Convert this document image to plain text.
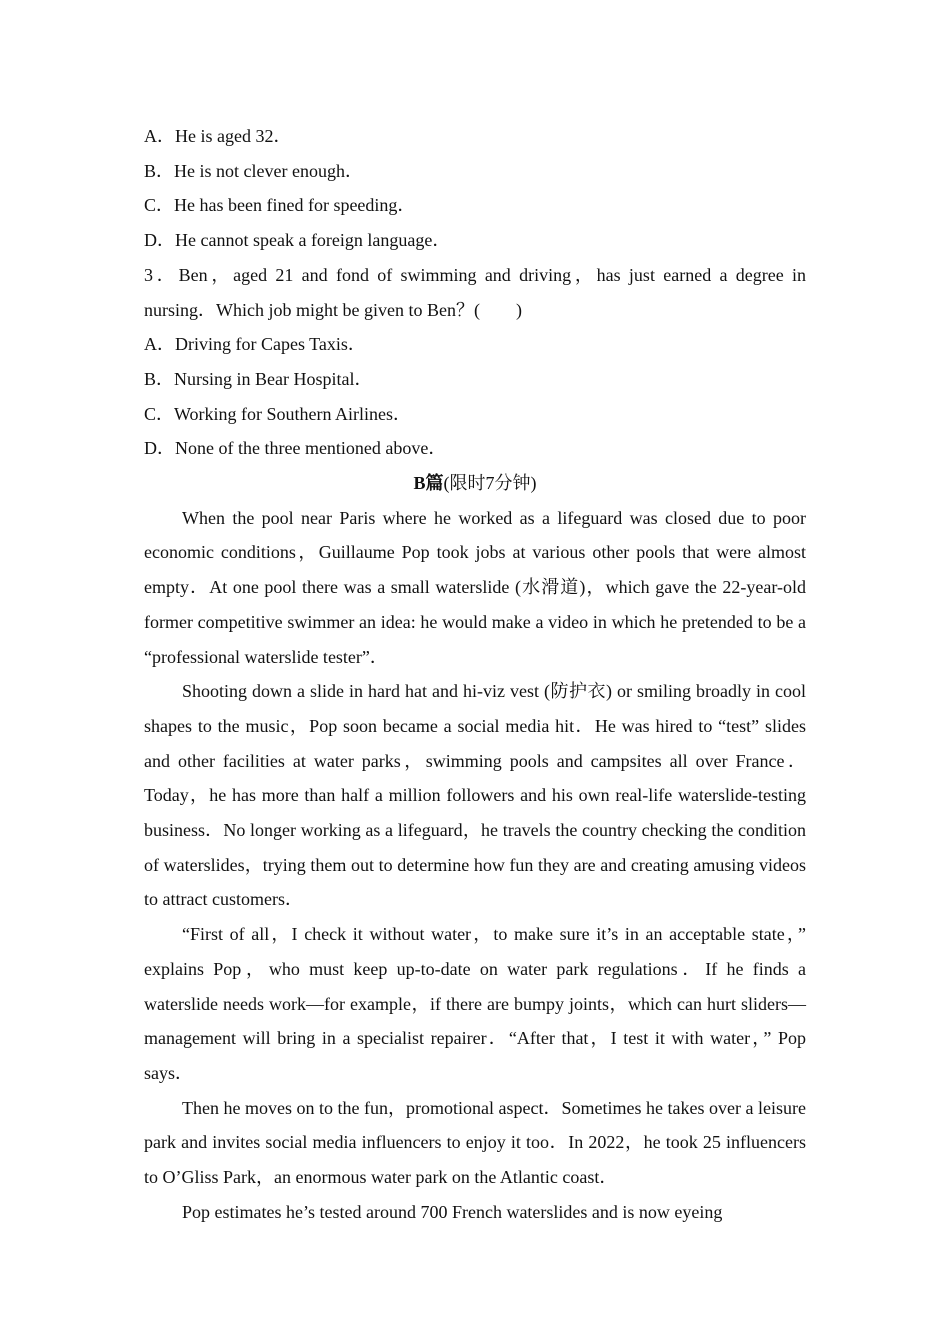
A．He is aged 32．

B．He is not clever enough．

C．He has been fined for speeding．

D．He cannot speak a foreign language．

3．Ben，aged 21 and fond of swimming and driving，has just earned a degree in nursing．Which job might be given to Ben？(　　)

A．Driving for Capes Taxis．

B．Nursing in Bear Hospital．

C．Working for Southern Airlines．

D．None of the three mentioned above．

B篇(限时7分钟)

When the pool near Paris where he worked as a lifeguard was closed due to poor economic conditions，Guillaume Pop took jobs at various other pools that were almost empty．At one pool there was a small waterslide (水滑道)，which gave the 22-year-old former competitive swimmer an idea: he would make a video in which he pretended to be a “professional waterslide tester”．

Shooting down a slide in hard hat and hi-viz vest (防护衣) or smiling broadly in cool shapes to the music，Pop soon became a social media hit．He was hired to “test” slides and other facilities at water parks，swimming pools and campsites all over France．Today，he has more than half a million followers and his own real-life waterslide-testing business．No longer working as a lifeguard，he travels the country checking the condition of waterslides，trying them out to determine how fun they are and creating amusing videos to attract customers．

“First of all，I check it without water，to make sure it’s in an acceptable state，” explains Pop，who must keep up-to-date on water park regulations．If he finds a waterslide needs work—for example，if there are bumpy joints，which can hurt sliders—management will bring in a specialist repairer．“After that，I test it with water，” Pop says．

Then he moves on to the fun，promotional aspect．Sometimes he takes over a leisure park and invites social media influencers to enjoy it too．In 2022，he took 25 influencers to O’Gliss Park，an enormous water park on the Atlantic coast．

Pop estimates he’s tested around 700 French waterslides and is now eyeing
